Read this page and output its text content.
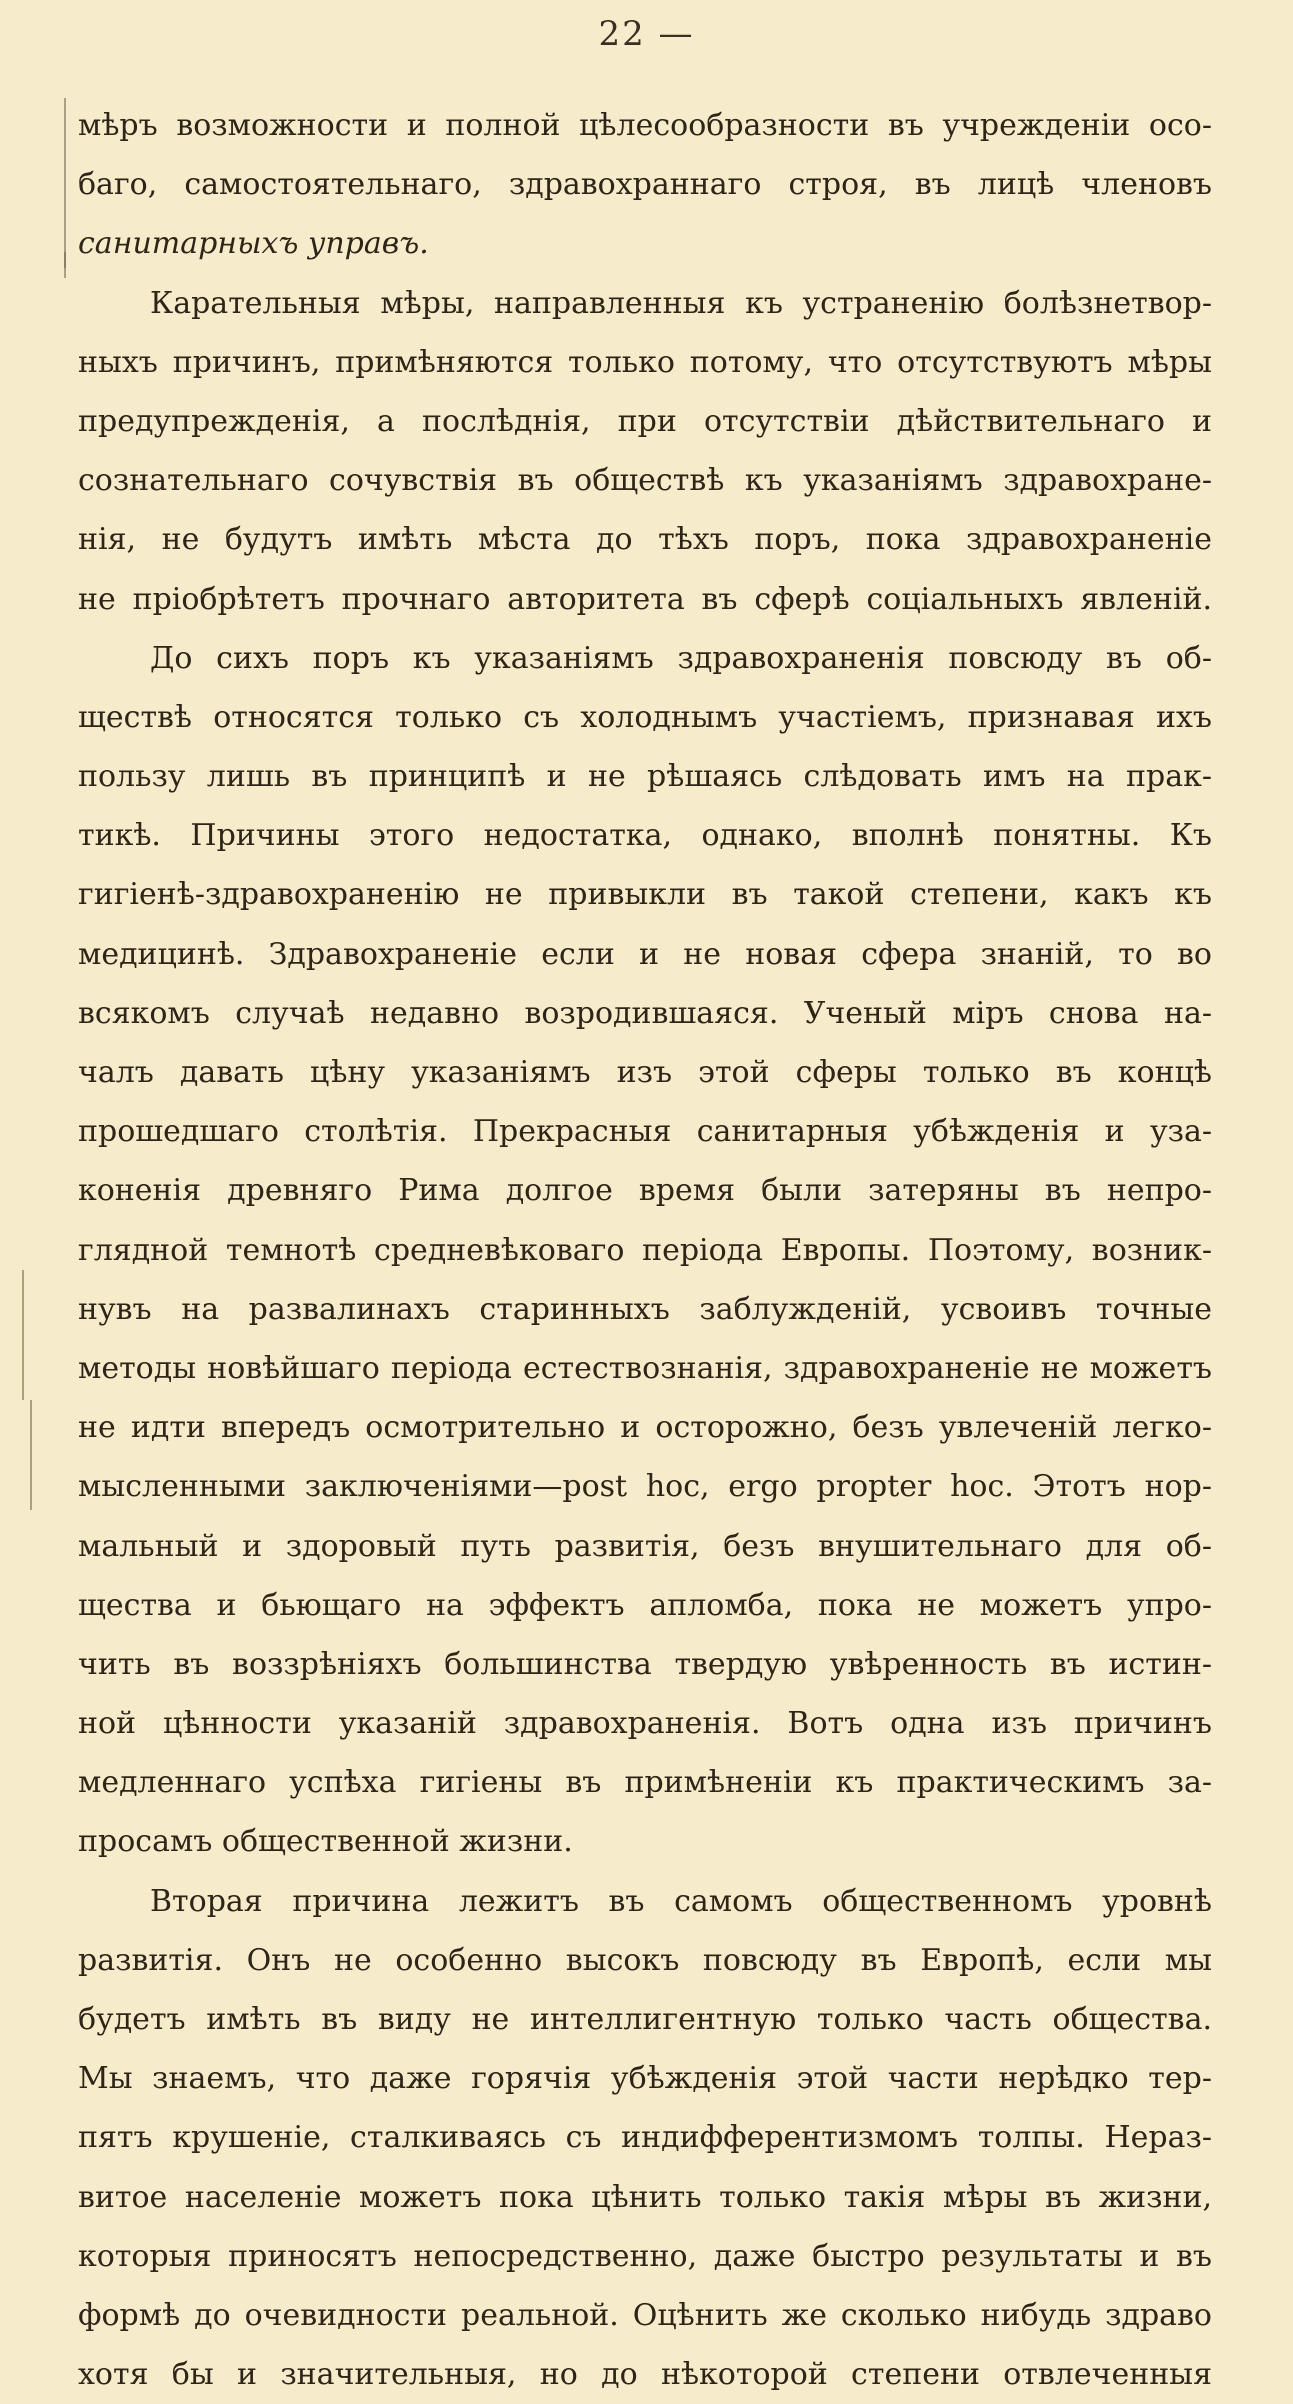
22 —
мѣръ возможности и полной цѣлесообразности въ учрежденіи осо-
баго, самостоятельнаго, здравохраннаго строя, въ лицѣ членовъ
санитарныхъ управъ.
Карательныя мѣры, направленныя къ устраненію болѣзнетвор-
ныхъ причинъ, примѣняются только потому, что отсутствуютъ мѣры
предупрежденія, а послѣднія, при отсутствіи дѣйствительнаго и
сознательнаго сочувствія въ обществѣ къ указаніямъ здравохране-
нія, не будутъ имѣть мѣста до тѣхъ поръ, пока здравохраненіе
не пріобрѣтетъ прочнаго авторитета въ сферѣ соціальныхъ явленій.
До сихъ поръ къ указаніямъ здравохраненія повсюду въ об-
ществѣ относятся только съ холоднымъ участіемъ, признавая ихъ
пользу лишь въ принципѣ и не рѣшаясь слѣдовать имъ на прак-
тикѣ. Причины этого недостатка, однако, вполнѣ понятны. Къ
гигіенѣ-здравохраненію не привыкли въ такой степени, какъ къ
медицинѣ. Здравохраненіе если и не новая сфера знаній, то во
всякомъ случаѣ недавно возродившаяся. Ученый міръ снова на-
чалъ давать цѣну указаніямъ изъ этой сферы только въ концѣ
прошедшаго столѣтія. Прекрасныя санитарныя убѣжденія и уза-
коненія древняго Рима долгое время были затеряны въ непро-
глядной темнотѣ средневѣковаго періода Европы. Поэтому, возник-
нувъ на развалинахъ старинныхъ заблужденій, усвоивъ точные
методы новѣйшаго періода естествознанія, здравохраненіе не можетъ
не идти впередъ осмотрительно и осторожно, безъ увлеченій легко-
мысленными заключеніями—post hoc, ergo propter hoc. Этотъ нор-
мальный и здоровый путь развитія, безъ внушительнаго для об-
щества и бьющаго на эффектъ апломба, пока не можетъ упро-
чить въ воззрѣніяхъ большинства твердую увѣренность въ истин-
ной цѣнности указаній здравохраненія. Вотъ одна изъ причинъ
медленнаго успѣха гигіены въ примѣненіи къ практическимъ за-
просамъ общественной жизни.
Вторая причина лежитъ въ самомъ общественномъ уровнѣ
развитія. Онъ не особенно высокъ повсюду въ Европѣ, если мы
будетъ имѣть въ виду не интеллигентную только часть общества.
Мы знаемъ, что даже горячія убѣжденія этой части нерѣдко тер-
пятъ крушеніе, сталкиваясь съ индифферентизмомъ толпы. Нераз-
витое населеніе можетъ пока цѣнить только такія мѣры въ жизни,
которыя приносятъ непосредственно, даже быстро результаты и въ
формѣ до очевидности реальной. Оцѣнить же сколько нибудь здраво
хотя бы и значительныя, но до нѣкоторой степени отвлеченныя
